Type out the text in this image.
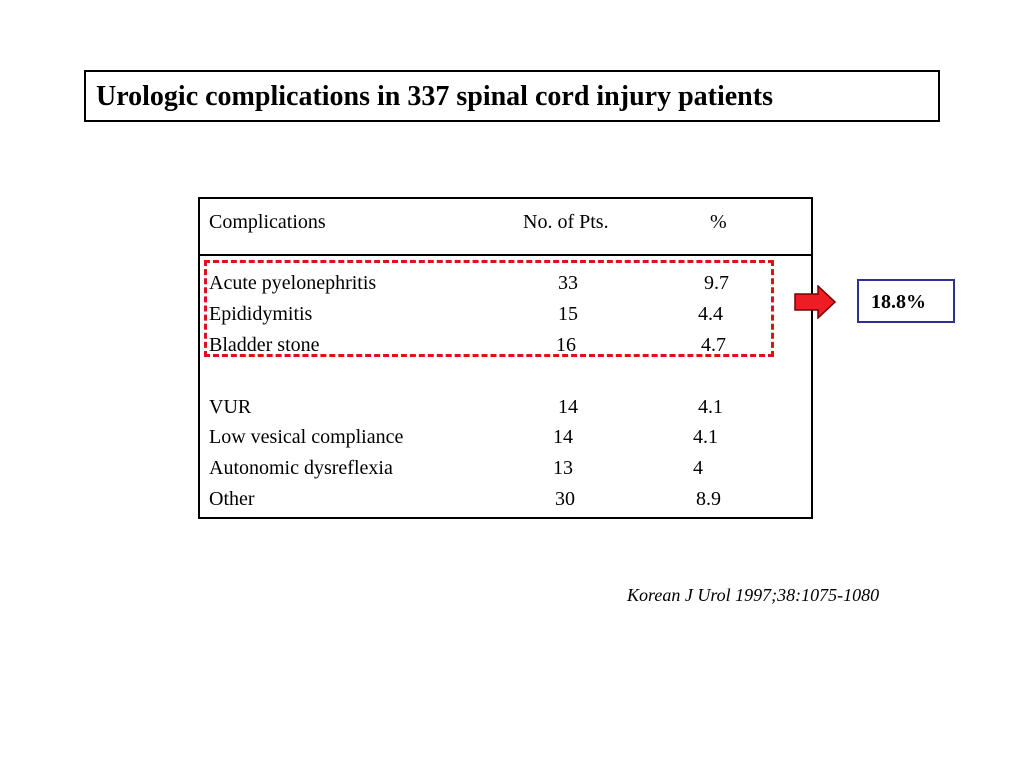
Urologic complications in 337 spinal cord injury patients
Complications	No. of Pts.	%
Acute pyelonephritis	33	9.7
Epididymitis	15	4.4
Bladder stone	16	4.7
VUR	14	4.1
Low vesical compliance	14	4.1
Autonomic dysreflexia	13	4
Other	30	8.9
18.8%
Korean J Urol 1997;38:1075-1080
